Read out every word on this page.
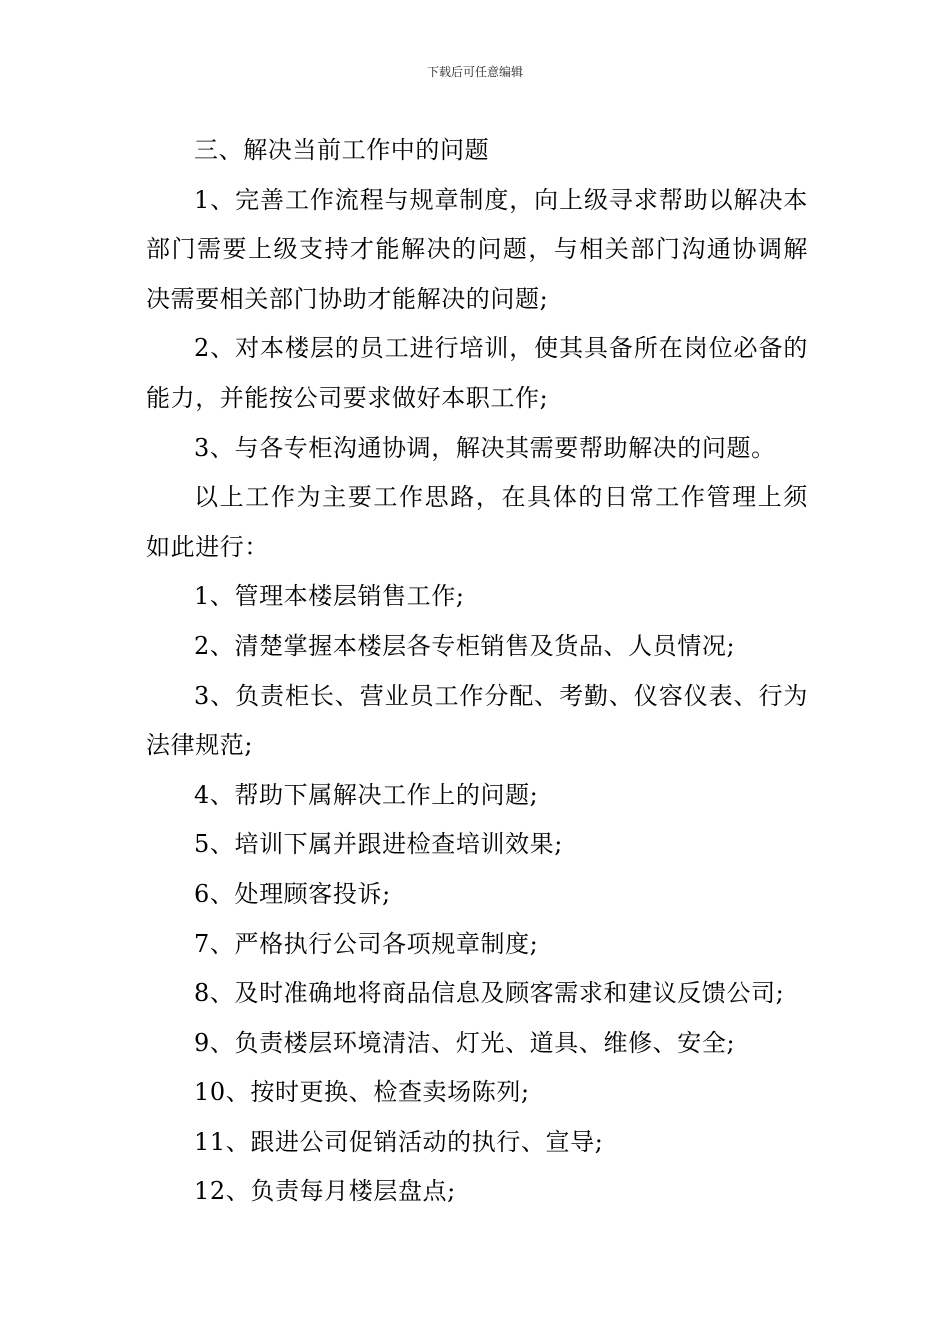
下载后可任意编辑

三、解决当前工作中的问题

1、完善工作流程与规章制度，向上级寻求帮助以解决本部门需要上级支持才能解决的问题，与相关部门沟通协调解决需要相关部门协助才能解决的问题;

2、对本楼层的员工进行培训，使其具备所在岗位必备的能力，并能按公司要求做好本职工作;

3、与各专柜沟通协调，解决其需要帮助解决的问题。

以上工作为主要工作思路，在具体的日常工作管理上须如此进行：

1、管理本楼层销售工作;

2、清楚掌握本楼层各专柜销售及货品、人员情况;

3、负责柜长、营业员工作分配、考勤、仪容仪表、行为法律规范;

4、帮助下属解决工作上的问题;

5、培训下属并跟进检查培训效果;

6、处理顾客投诉;

7、严格执行公司各项规章制度;

8、及时准确地将商品信息及顾客需求和建议反馈公司;

9、负责楼层环境清洁、灯光、道具、维修、安全;

10、按时更换、检查卖场陈列;

11、跟进公司促销活动的执行、宣导;

12、负责每月楼层盘点;
